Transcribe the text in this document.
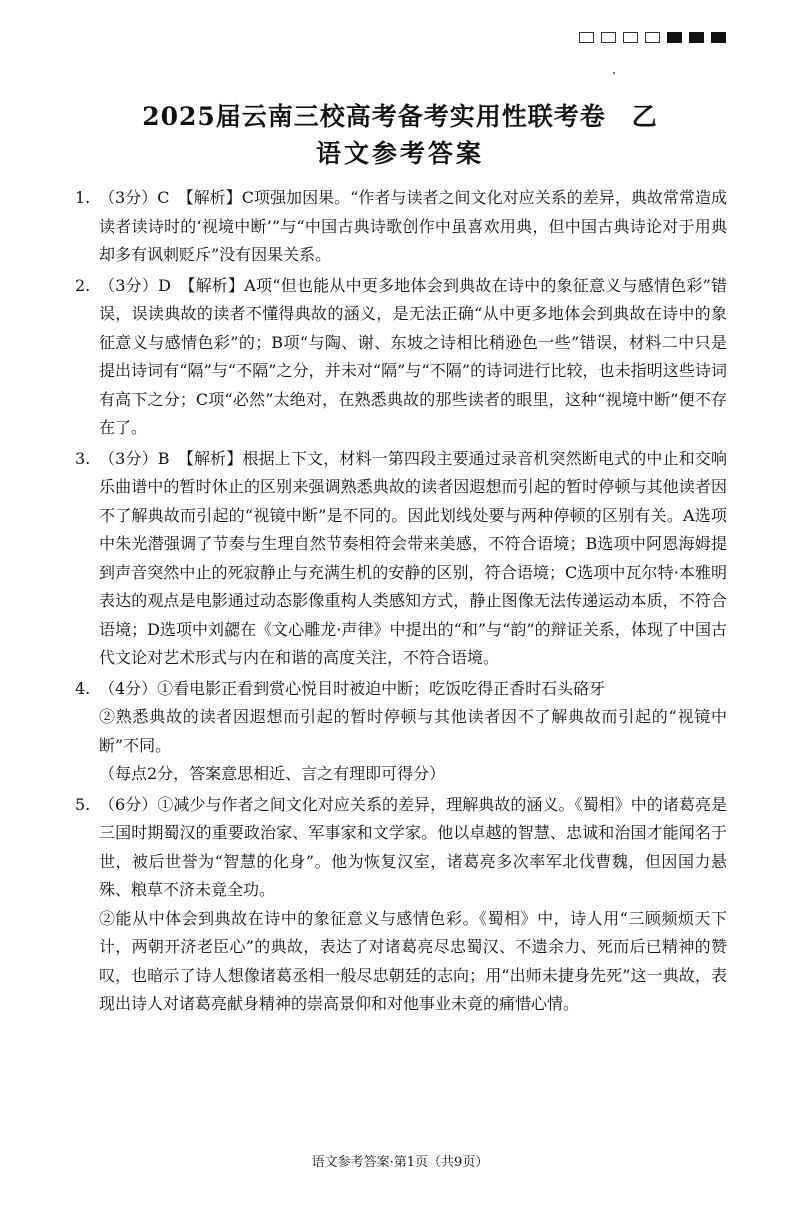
2025届云南三校高考备考实用性联考卷 乙
语文参考答案
1. （3分）C　【解析】C项强加因果。“作者与读者之间文化对应关系的差异，典故常常造成读者读诗时的‘视境中断’”与“中国古典诗歌创作中虽喜欢用典，但中国古典诗论对于用典却多有讽刺贬斥”没有因果关系。

2. （3分）D　【解析】A项“但也能从中更多地体会到典故在诗中的象征意义与感情色彩”错误，误读典故的读者不懂得典故的涵义，是无法正确“从中更多地体会到典故在诗中的象征意义与感情色彩”的；B项“与陶、谢、东坡之诗相比稍逊色一些”错误，材料二中只是提出诗词有“隔”与“不隔”之分，并未对“隔”与“不隔”的诗词进行比较，也未指明这些诗词有高下之分；C项“必然”太绝对，在熟悉典故的那些读者的眼里，这种“视境中断”便不存在了。

3. （3分）B　【解析】根据上下文，材料一第四段主要通过录音机突然断电式的中止和交响乐曲谱中的暂时休止的区别来强调熟悉典故的读者因遐想而引起的暂时停顿与其他读者因不了解典故而引起的“视镜中断”是不同的。因此划线处要与两种停顿的区别有关。A选项中朱光潜强调了节奏与生理自然节奏相符会带来美感，不符合语境；B选项中阿恩海姆提到声音突然中止的死寂静止与充满生机的安静的区别，符合语境；C选项中瓦尔特·本雅明表达的观点是电影通过动态影像重构人类感知方式，静止图像无法传递运动本质，不符合语境；D选项中刘勰在《文心雕龙·声律》中提出的“和”与“韵”的辩证关系，体现了中国古代文论对艺术形式与内在和谐的高度关注，不符合语境。

4. （4分）①看电影正看到赏心悦目时被迫中断；吃饭吃得正香时石头硌牙

②熟悉典故的读者因遐想而引起的暂时停顿与其他读者因不了解典故而引起的“视镜中断”不同。

（每点2分，答案意思相近、言之有理即可得分）

5. （6分）①减少与作者之间文化对应关系的差异，理解典故的涵义。《蜀相》中的诸葛亮是三国时期蜀汉的重要政治家、军事家和文学家。他以卓越的智慧、忠诚和治国才能闻名于世，被后世誉为“智慧的化身”。他为恢复汉室，诸葛亮多次率军北伐曹魏，但因国力悬殊、粮草不济未竟全功。

②能从中体会到典故在诗中的象征意义与感情色彩。《蜀相》中，诗人用“三顾频烦天下计，两朝开济老臣心”的典故，表达了对诸葛亮尽忠蜀汉、不遗余力、死而后已精神的赞叹，也暗示了诗人想像诸葛丞相一般尽忠朝廷的志向；用“出师未捷身先死”这一典故，表现出诗人对诸葛亮献身精神的崇高景仰和对他事业未竟的痛惜心情。

语文参考答案·第1页（共9页）
